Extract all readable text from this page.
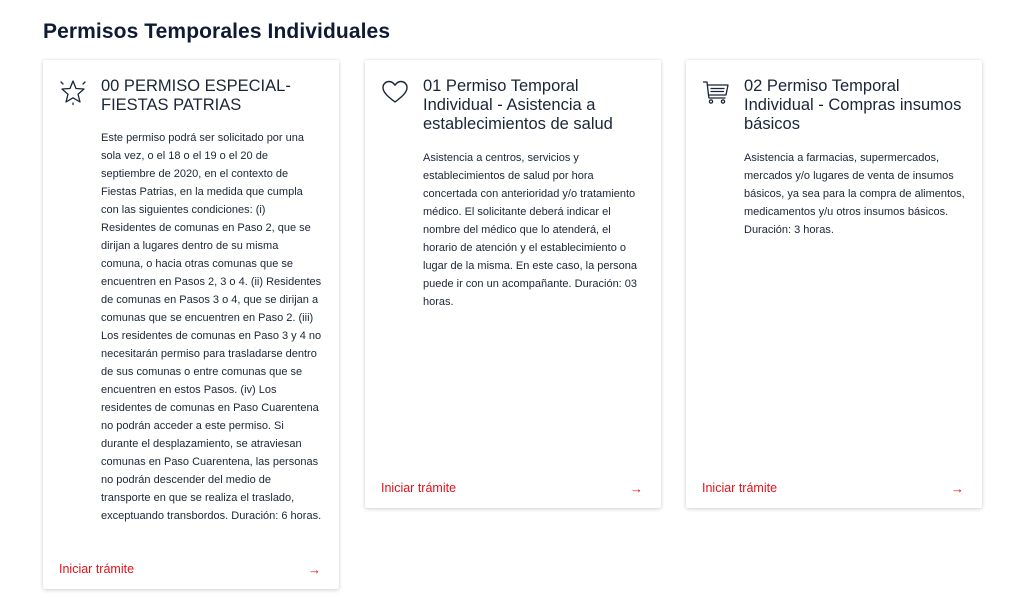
Permisos Temporales Individuales
00 PERMISO ESPECIAL- FIESTAS PATRIAS

Este permiso podrá ser solicitado por una sola vez, o el 18 o el 19 o el 20 de septiembre de 2020, en el contexto de Fiestas Patrias, en la medida que cumpla con las siguientes condiciones: (i) Residentes de comunas en Paso 2, que se dirijan a lugares dentro de su misma comuna, o hacia otras comunas que se encuentren en Pasos 2, 3 o 4. (ii) Residentes de comunas en Pasos 3 o 4, que se dirijan a comunas que se encuentren en Paso 2. (iii) Los residentes de comunas en Paso 3 y 4 no necesitarán permiso para trasladarse dentro de sus comunas o entre comunas que se encuentren en estos Pasos. (iv) Los residentes de comunas en Paso Cuarentena no podrán acceder a este permiso. Si durante el desplazamiento, se atraviesan comunas en Paso Cuarentena, las personas no podrán descender del medio de transporte en que se realiza el traslado, exceptuando transbordos. Duración: 6 horas.

Iniciar trámite	→
01 Permiso Temporal Individual - Asistencia a establecimientos de salud

Asistencia a centros, servicios y establecimientos de salud por hora concertada con anterioridad y/o tratamiento médico. El solicitante deberá indicar el nombre del médico que lo atenderá, el horario de atención y el establecimiento o lugar de la misma. En este caso, la persona puede ir con un acompañante. Duración: 03 horas.

Iniciar trámite	→
02 Permiso Temporal Individual - Compras insumos básicos

Asistencia a farmacias, supermercados, mercados y/o lugares de venta de insumos básicos, ya sea para la compra de alimentos, medicamentos y/u otros insumos básicos. Duración: 3 horas.

Iniciar trámite	→
